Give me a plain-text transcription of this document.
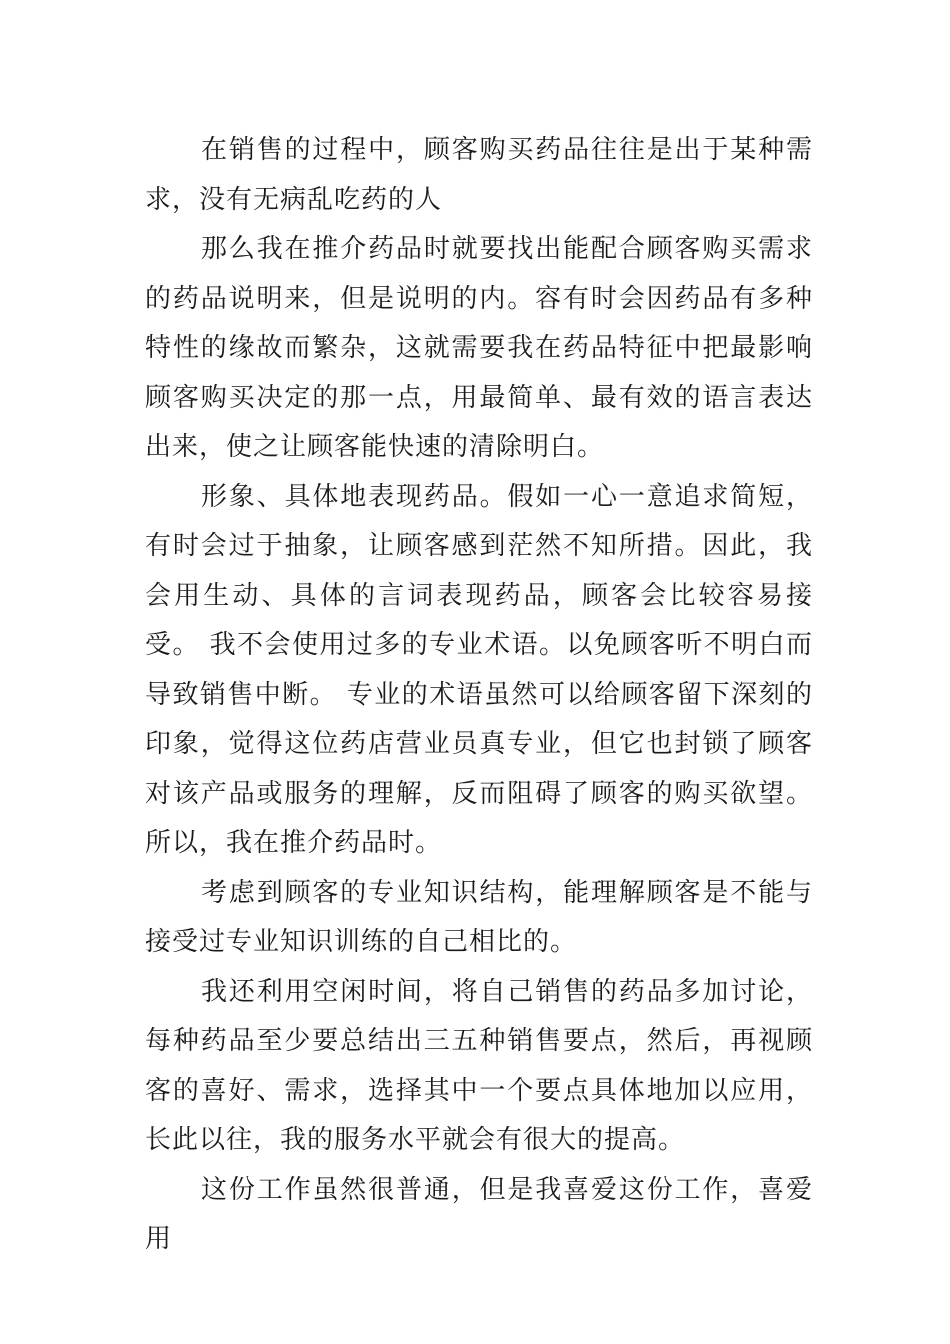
在销售的过程中，顾客购买药品往往是出于某种需求，没有无病乱吃药的人

那么我在推介药品时就要找出能配合顾客购买需求的药品说明来，但是说明的内。容有时会因药品有多种特性的缘故而繁杂，这就需要我在药品特征中把最影响顾客购买决定的那一点，用最简单、最有效的语言表达出来，使之让顾客能快速的清除明白。

形象、具体地表现药品。假如一心一意追求简短，有时会过于抽象，让顾客感到茫然不知所措。因此，我会用生动、具体的言词表现药品，顾客会比较容易接受。 我不会使用过多的专业术语。以免顾客听不明白而导致销售中断。 专业的术语虽然可以给顾客留下深刻的印象，觉得这位药店营业员真专业，但它也封锁了顾客对该产品或服务的理解，反而阻碍了顾客的购买欲望。所以，我在推介药品时。

考虑到顾客的专业知识结构，能理解顾客是不能与接受过专业知识训练的自己相比的。

我还利用空闲时间，将自己销售的药品多加讨论，每种药品至少要总结出三五种销售要点，然后，再视顾客的喜好、需求，选择其中一个要点具体地加以应用，长此以往，我的服务水平就会有很大的提高。

这份工作虽然很普通，但是我喜爱这份工作，喜爱用
